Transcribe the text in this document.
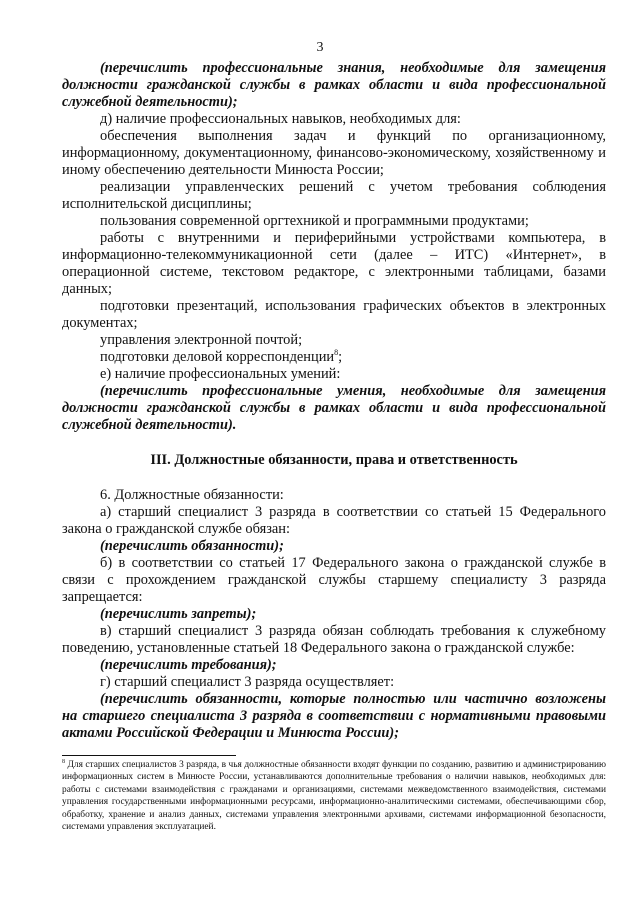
3

(перечислить профессиональные знания, необходимые для замещения должности гражданской службы в рамках области и вида профессиональной служебной деятельности);

д) наличие профессиональных навыков, необходимых для:

обеспечения выполнения задач и функций по организационному, информационному, документационному, финансово-экономическому, хозяйственному и иному обеспечению деятельности Минюста России;

реализации управленческих решений с учетом требования соблюдения исполнительской дисциплины;

пользования современной оргтехникой и программными продуктами;

работы с внутренними и периферийными устройствами компьютера, в информационно-телекоммуникационной сети (далее – ИТС) «Интернет», в операционной системе, текстовом редакторе, с электронными таблицами, базами данных;

подготовки презентаций, использования графических объектов в электронных документах;

управления электронной почтой;

подготовки деловой корреспонденции$^8$;

е) наличие профессиональных умений:

(перечислить профессиональные умения, необходимые для замещения должности гражданской службы в рамках области и вида профессиональной служебной деятельности).

III. Должностные обязанности, права и ответственность

6. Должностные обязанности:

а) старший специалист 3 разряда в соответствии со статьей 15 Федерального закона о гражданской службе обязан:

(перечислить обязанности);

б) в соответствии со статьей 17 Федерального закона о гражданской службе в связи с прохождением гражданской службы старшему специалисту 3 разряда запрещается:

(перечислить запреты);

в) старший специалист 3 разряда обязан соблюдать требования к служебному поведению, установленные статьей 18 Федерального закона о гражданской службе:

(перечислить требования);

г) старший специалист 3 разряда осуществляет:

(перечислить обязанности, которые полностью или частично возложены

на старшего специалиста 3 разряда в соответствии с нормативными правовыми актами Российской Федерации и Минюста России);

$^8$ Для старших специалистов 3 разряда, в чья должностные обязанности входят функции по созданию, развитию и администрированию информационных систем в Минюсте России, устанавливаются дополнительные требования о наличии навыков, необходимых для: работы с системами взаимодействия с гражданами и организациями, системами межведомственного взаимодействия, системами управления государственными информационными ресурсами, информационно-аналитическими системами, обеспечивающими сбор, обработку, хранение и анализ данных, системами управления электронными архивами, системами информационной безопасности, системами управления эксплуатацией.
